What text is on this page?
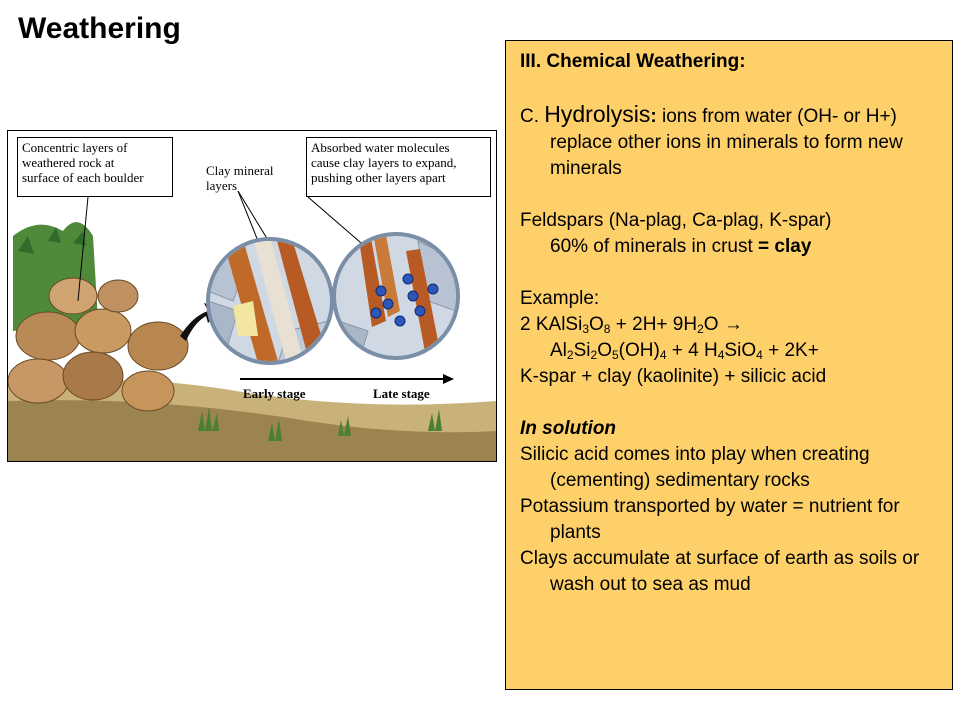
Weathering
Concentric layers of
weathered rock at
surface of each boulder	Clay mineral
layers
Absorbed water molecules
cause clay layers to expand,
pushing other layers apart
Early stage	Late stage

III. Chemical Weathering:

C. Hydrolysis: ions from water (OH- or H+) replace other ions in minerals to form new minerals

Feldspars (Na-plag, Ca-plag, K-spar)
60% of minerals in crust = clay

Example:

2 $KAlSi_3O_8 + 2H+ 9H_2O$ →
$Al_2Si_2O_5(OH)_4 + 4$ $H_4SiO_4 + 2K+$

K-spar + clay (kaolinite) + silicic acid

In solution

Silicic acid comes into play when creating (cementing) sedimentary rocks

Potassium transported by water = nutrient for plants

Clays accumulate at surface of earth as soils or wash out to sea as mud
